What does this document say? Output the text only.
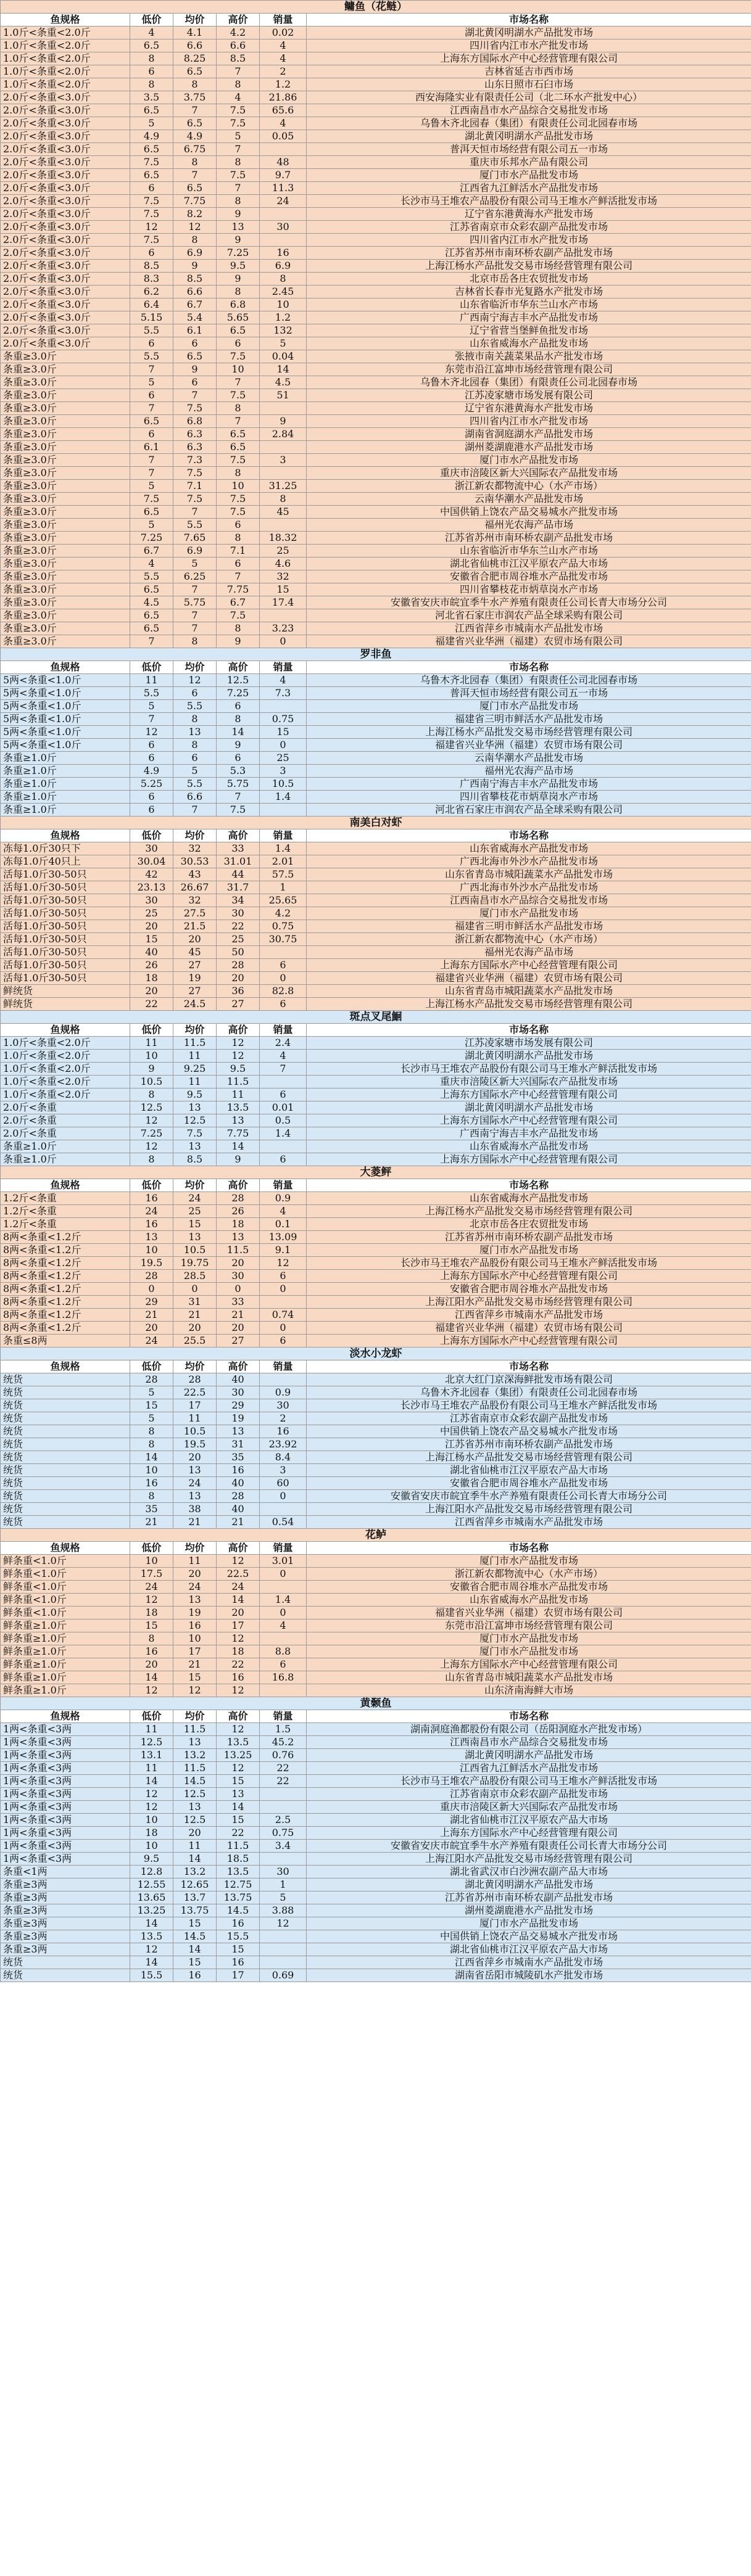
鳙鱼（花鲢）					
鱼规格	低价	均价	高价	销量	市场名称
1.0斤<条重<2.0斤	4	4.1	4.2	0.02	湖北黄冈明湖水产品批发市场
1.0斤<条重<2.0斤	6.5	6.6	6.6	4	四川省内江市水产批发市场
1.0斤<条重<2.0斤	8	8.25	8.5	4	上海东方国际水产中心经营管理有限公司
1.0斤<条重<2.0斤	6	6.5	7	2	吉林省延吉市西市场
1.0斤<条重<2.0斤	8	8	8	1.2	山东日照市石臼市场
2.0斤<条重<3.0斤	3.5	3.75	4	21.86	西安海隆实业有限责任公司（北二环水产批发中心）
2.0斤<条重<3.0斤	6.5	7	7.5	65.6	江西南昌市水产品综合交易批发市场
2.0斤<条重<3.0斤	5	6.5	7.5	4	乌鲁木齐北园春（集团）有限责任公司北园春市场
2.0斤<条重<3.0斤	4.9	4.9	5	0.05	湖北黄冈明湖水产品批发市场
2.0斤<条重<3.0斤	6.5	6.75	7		普洱天恒市场经营有限公司五一市场
2.0斤<条重<3.0斤	7.5	8	8	48	重庆市乐邦水产品有限公司
2.0斤<条重<3.0斤	6.5	7	7.5	9.7	厦门市水产品批发市场
2.0斤<条重<3.0斤	6	6.5	7	11.3	江西省九江鲜活水产品批发市场
2.0斤<条重<3.0斤	7.5	7.75	8	24	长沙市马王堆农产品股份有限公司马王堆水产鲜活批发市场
2.0斤<条重<3.0斤	7.5	8.2	9		辽宁省东港黄海水产批发市场
2.0斤<条重<3.0斤	12	12	13	30	江苏省南京市众彩农副产品批发市场
2.0斤<条重<3.0斤	7.5	8	9		四川省内江市水产批发市场
2.0斤<条重<3.0斤	6	6.9	7.25	16	江苏省苏州市南环桥农副产品批发市场
2.0斤<条重<3.0斤	8.5	9	9.5	6.9	上海江杨水产品批发交易市场经营管理有限公司
2.0斤<条重<3.0斤	8.3	8.5	9	8	北京市岳各庄农贸批发市场
2.0斤<条重<3.0斤	6.2	6.6	8	2.45	吉林省长春市光复路水产批发市场
2.0斤<条重<3.0斤	6.4	6.7	6.8	10	山东省临沂市华东兰山水产市场
2.0斤<条重<3.0斤	5.15	5.4	5.65	1.2	广西南宁海吉丰水产品批发市场
2.0斤<条重<3.0斤	5.5	6.1	6.5	132	辽宁省营当堡鲜鱼批发市场
2.0斤<条重<3.0斤	6	6	6	5	山东省威海水产品批发市场
条重≥3.0斤	5.5	6.5	7.5	0.04	张掖市南关蔬菜果品水产批发市场
条重≥3.0斤	7	9	10	14	东莞市沿江富坤市场经营管理有限公司
条重≥3.0斤	5	6	7	4.5	乌鲁木齐北园春（集团）有限责任公司北园春市场
条重≥3.0斤	6	7	7.5	51	江苏凌家塘市场发展有限公司
条重≥3.0斤	7	7.5	8		辽宁省东港黄海水产批发市场
条重≥3.0斤	6.5	6.8	7	9	四川省内江市水产批发市场
条重≥3.0斤	6	6.3	6.5	2.84	湖南省洞庭湖水产品批发市场
条重≥3.0斤	6.1	6.3	6.5		湖州菱湖鹿港水产品批发市场
条重≥3.0斤	7	7.3	7.5	3	厦门市水产品批发市场
条重≥3.0斤	7	7.5	8		重庆市涪陵区新大兴国际农产品批发市场
条重≥3.0斤	5	7.1	10	31.25	浙江新农都物流中心（水产市场）
条重≥3.0斤	7.5	7.5	7.5	8	云南华潮水产品批发市场
条重≥3.0斤	6.5	7	7.5	45	中国供销上饶农产品交易城水产批发市场
条重≥3.0斤	5	5.5	6		福州光农海产品市场
条重≥3.0斤	7.25	7.65	8	18.32	江苏省苏州市南环桥农副产品批发市场
条重≥3.0斤	6.7	6.9	7.1	25	山东省临沂市华东兰山水产市场
条重≥3.0斤	4	5	6	4.6	湖北省仙桃市江汉平原农产品大市场
条重≥3.0斤	5.5	6.25	7	32	安徽省合肥市周谷堆水产品批发市场
条重≥3.0斤	6.5	7	7.75	15	四川省攀枝花市炳草岗水产市场
条重≥3.0斤	4.5	5.75	6.7	17.4	安徽省安庆市皖宜季牛水产养殖有限责任公司长青大市场分公司
条重≥3.0斤	6.5	7	7.5		河北省石家庄市润农产品全球采购有限公司
条重≥3.0斤	6.5	7	8	3.23	江西省萍乡市城南水产品批发市场
条重≥3.0斤	7	8	9	0	福建省兴业华洲（福建）农贸市场有限公司
罗非鱼					
鱼规格	低价	均价	高价	销量	市场名称
5两<条重<1.0斤	11	12	12.5	4	乌鲁木齐北园春（集团）有限责任公司北园春市场
5两<条重<1.0斤	5.5	6	7.25	7.3	普洱天恒市场经营有限公司五一市场
5两<条重<1.0斤	5	5.5	6		厦门市水产品批发市场
5两<条重<1.0斤	7	8	8	0.75	福建省三明市鲜活水产品批发市场
5两<条重<1.0斤	12	13	14	15	上海江杨水产品批发交易市场经营管理有限公司
5两<条重<1.0斤	6	8	9	0	福建省兴业华洲（福建）农贸市场有限公司
条重≥1.0斤	6	6	6	25	云南华潮水产品批发市场
条重≥1.0斤	4.9	5	5.3	3	福州光农海产品市场
条重≥1.0斤	5.25	5.5	5.75	10.5	广西南宁海吉丰水产品批发市场
条重≥1.0斤	6	6.6	7	1.4	四川省攀枝花市炳草岗水产市场
条重≥1.0斤	6	7	7.5		河北省石家庄市润农产品全球采购有限公司
南美白对虾					
鱼规格	低价	均价	高价	销量	市场名称
冻每1.0斤30只下	30	32	33	1.4	山东省威海水产品批发市场
冻每1.0斤40只上	30.04	30.53	31.01	2.01	广西北海市外沙水产品批发市场
活每1.0斤30-50只	42	43	44	57.5	山东省青岛市城阳蔬菜水产品批发市场
活每1.0斤30-50只	23.13	26.67	31.7	1	广西北海市外沙水产品批发市场
活每1.0斤30-50只	30	32	34	25.65	江西南昌市水产品综合交易批发市场
活每1.0斤30-50只	25	27.5	30	4.2	厦门市水产品批发市场
活每1.0斤30-50只	20	21.5	22	0.75	福建省三明市鲜活水产品批发市场
活每1.0斤30-50只	15	20	25	30.75	浙江新农都物流中心（水产市场）
活每1.0斤30-50只	40	45	50		福州光农海产品市场
活每1.0斤30-50只	26	27	28	6	上海东方国际水产中心经营管理有限公司
活每1.0斤30-50只	18	19	20	0	福建省兴业华洲（福建）农贸市场有限公司
鲜统货	20	27	36	82.8	山东省青岛市城阳蔬菜水产品批发市场
鲜统货	22	24.5	27	6	上海江杨水产品批发交易市场经营管理有限公司
斑点叉尾鮰					
鱼规格	低价	均价	高价	销量	市场名称
1.0斤<条重<2.0斤	11	11.5	12	2.4	江苏凌家塘市场发展有限公司
1.0斤<条重<2.0斤	10	11	12	4	湖北黄冈明湖水产品批发市场
1.0斤<条重<2.0斤	9	9.25	9.5	7	长沙市马王堆农产品股份有限公司马王堆水产鲜活批发市场
1.0斤<条重<2.0斤	10.5	11	11.5		重庆市涪陵区新大兴国际农产品批发市场
1.0斤<条重<2.0斤	8	9.5	11	6	上海东方国际水产中心经营管理有限公司
2.0斤<条重	12.5	13	13.5	0.01	湖北黄冈明湖水产品批发市场
2.0斤<条重	12	12.5	13	0.5	上海东方国际水产中心经营管理有限公司
2.0斤<条重	7.25	7.5	7.75	1.4	广西南宁海吉丰水产品批发市场
条重≥1.0斤	12	13	14		山东省威海水产品批发市场
条重≥1.0斤	8	8.5	9	6	上海东方国际水产中心经营管理有限公司
大菱鲆					
鱼规格	低价	均价	高价	销量	市场名称
1.2斤<条重	16	24	28	0.9	山东省威海水产品批发市场
1.2斤<条重	24	25	26	4	上海江杨水产品批发交易市场经营管理有限公司
1.2斤<条重	16	15	18	0.1	北京市岳各庄农贸批发市场
8两<条重<1.2斤	13	13	13	13.09	江苏省苏州市南环桥农副产品批发市场
8两<条重<1.2斤	10	10.5	11.5	9.1	厦门市水产品批发市场
8两<条重<1.2斤	19.5	19.75	20	12	长沙市马王堆农产品股份有限公司马王堆水产鲜活批发市场
8两<条重<1.2斤	28	28.5	30	6	上海东方国际水产中心经营管理有限公司
8两<条重<1.2斤	0	0	0	0	安徽省合肥市周谷堆水产品批发市场
8两<条重<1.2斤	29	31	33		上海江阳水产品批发交易市场经营管理有限公司
8两<条重<1.2斤	21	21	21	0.74	江西省萍乡市城南水产品批发市场
8两<条重<1.2斤	20	20	20	0	福建省兴业华洲（福建）农贸市场有限公司
条重≤8两	24	25.5	27	6	上海东方国际水产中心经营管理有限公司
淡水小龙虾					
鱼规格	低价	均价	高价	销量	市场名称
统货	28	28	40		北京大红门京深海鲜批发市场有限公司
统货	5	22.5	30	0.9	乌鲁木齐北园春（集团）有限责任公司北园春市场
统货	15	17	29	30	长沙市马王堆农产品股份有限公司马王堆水产鲜活批发市场
统货	5	11	19	2	江苏省南京市众彩农副产品批发市场
统货	8	10.5	13	16	中国供销上饶农产品交易城水产批发市场
统货	8	19.5	31	23.92	江苏省苏州市南环桥农副产品批发市场
统货	14	20	35	8.4	上海江杨水产品批发交易市场经营管理有限公司
统货	10	13	16	3	湖北省仙桃市江汉平原农产品大市场
统货	16	24	40	60	安徽省合肥市周谷堆水产品批发市场
统货	8	13	28	0	安徽省安庆市皖宜季牛水产养殖有限责任公司长青大市场分公司
统货	35	38	40		上海江阳水产品批发交易市场经营管理有限公司
统货	21	21	21	0.54	江西省萍乡市城南水产品批发市场
花鲈					
鱼规格	低价	均价	高价	销量	市场名称
鲜条重<1.0斤	10	11	12	3.01	厦门市水产品批发市场
鲜条重<1.0斤	17.5	20	22.5	0	浙江新农都物流中心（水产市场）
鲜条重<1.0斤	24	24	24		安徽省合肥市周谷堆水产品批发市场
鲜条重<1.0斤	12	13	14	1.4	山东省威海水产品批发市场
鲜条重<1.0斤	18	19	20	0	福建省兴业华洲（福建）农贸市场有限公司
鲜条重≥1.0斤	15	16	17	4	东莞市沿江富坤市场经营管理有限公司
鲜条重≥1.0斤	8	10	12		厦门市水产品批发市场
鲜条重≥1.0斤	16	17	18	8.8	厦门市水产品批发市场
鲜条重≥1.0斤	20	21	22	6	上海东方国际水产中心经营管理有限公司
鲜条重≥1.0斤	14	15	16	16.8	山东省青岛市城阳蔬菜水产品批发市场
鲜条重≥1.0斤	12	12	12		山东济南海鲜大市场
黄颡鱼					
鱼规格	低价	均价	高价	销量	市场名称
1两<条重<3两	11	11.5	12	1.5	湖南洞庭渔都股份有限公司（岳阳洞庭水产批发市场）
1两<条重<3两	12.5	13	13.5	45.2	江西南昌市水产品综合交易批发市场
1两<条重<3两	13.1	13.2	13.25	0.76	湖北黄冈明湖水产品批发市场
1两<条重<3两	11	11.5	12	22	江西省九江鲜活水产品批发市场
1两<条重<3两	14	14.5	15	22	长沙市马王堆农产品股份有限公司马王堆水产鲜活批发市场
1两<条重<3两	12	12.5	13		江苏省南京市众彩农副产品批发市场
1两<条重<3两	12	13	14		重庆市涪陵区新大兴国际农产品批发市场
1两<条重<3两	10	12.5	15	2.5	湖北省仙桃市江汉平原农产品大市场
1两<条重<3两	18	20	22	0.75	上海东方国际水产中心经营管理有限公司
1两<条重<3两	10	11	11.5	3.4	安徽省安庆市皖宜季牛水产养殖有限责任公司长青大市场分公司
1两<条重<3两	9.5	14	18.5		上海江阳水产品批发交易市场经营管理有限公司
条重<1两	12.8	13.2	13.5	30	湖北省武汉市白沙洲农副产品大市场
条重≥3两	12.55	12.65	12.75	1	湖北黄冈明湖水产品批发市场
条重≥3两	13.65	13.7	13.75	5	江苏省苏州市南环桥农副产品批发市场
条重≥3两	13.25	13.75	14.5	3.88	湖州菱湖鹿港水产品批发市场
条重≥3两	14	15	16	12	厦门市水产品批发市场
条重≥3两	13.5	14.5	15.5		中国供销上饶农产品交易城水产批发市场
条重≥3两	12	14	15		湖北省仙桃市江汉平原农产品大市场
统货	14	15	16		江西省萍乡市城南水产品批发市场
统货	15.5	16	17	0.69	湖南省岳阳市城陵矶水产批发市场
